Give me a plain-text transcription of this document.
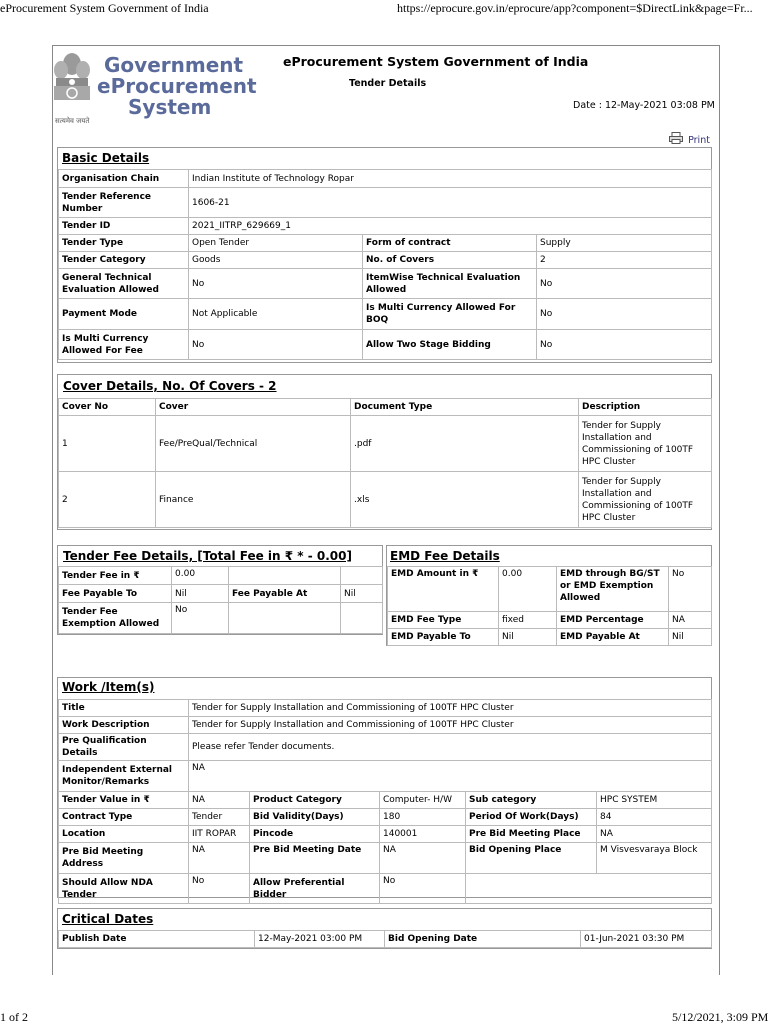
eProcurement System Government of India	https://eprocure.gov.in/eprocure/app?component=$DirectLink&page=Fr...
1 of 2	5/12/2021, 3:09 PM
सत्यमेव जयते
Government
eProcurement
System
eProcurement System Government of India
Tender Details
Date : 12-May-2021 03:08 PM
Print
Basic Details
Organisation Chain	Indian Institute of Technology Ropar		
Tender Reference Number	1606-21		
Tender ID	2021_IITRP_629669_1		
Tender Type	Open Tender	Form of contract	Supply
Tender Category	Goods	No. of Covers	2
General Technical Evaluation Allowed	No	ItemWise Technical Evaluation Allowed	No
Payment Mode	Not Applicable	Is Multi Currency Allowed For BOQ	No
Is Multi Currency Allowed For Fee	No	Allow Two Stage Bidding	No
Cover Details, No. Of Covers - 2
Cover No	Cover	Document Type	Description
1	Fee/PreQual/Technical	.pdf	Tender for Supply Installation and Commissioning of 100TF HPC Cluster
2	Finance	.xls	Tender for Supply Installation and Commissioning of 100TF HPC Cluster
Tender Fee Details, [Total Fee in ₹ * - 0.00]
Tender Fee in ₹	0.00		
Fee Payable To	Nil	Fee Payable At	Nil
Tender Fee Exemption Allowed	No		
EMD Fee Details
EMD Amount in ₹	0.00	EMD through BG/ST or EMD Exemption Allowed	No
EMD Fee Type	fixed	EMD Percentage	NA
EMD Payable To	Nil	EMD Payable At	Nil
Work /Item(s)
Title	Tender for Supply Installation and Commissioning of 100TF HPC Cluster				
Work Description	Tender for Supply Installation and Commissioning of 100TF HPC Cluster				
Pre Qualification Details	Please refer Tender documents.				
Independent External Monitor/Remarks	NA				
Tender Value in ₹	NA	Product Category	Computer- H/W	Sub category	HPC SYSTEM
Contract Type	Tender	Bid Validity(Days)	180	Period Of Work(Days)	84
Location	IIT ROPAR	Pincode	140001	Pre Bid Meeting Place	NA
Pre Bid Meeting Address	NA	Pre Bid Meeting Date	NA	Bid Opening Place	M Visvesvaraya Block
Should Allow NDA Tender	No	Allow Preferential Bidder	No		
Critical Dates
Publish Date	12-May-2021 03:00 PM	Bid Opening Date	01-Jun-2021 03:30 PM
